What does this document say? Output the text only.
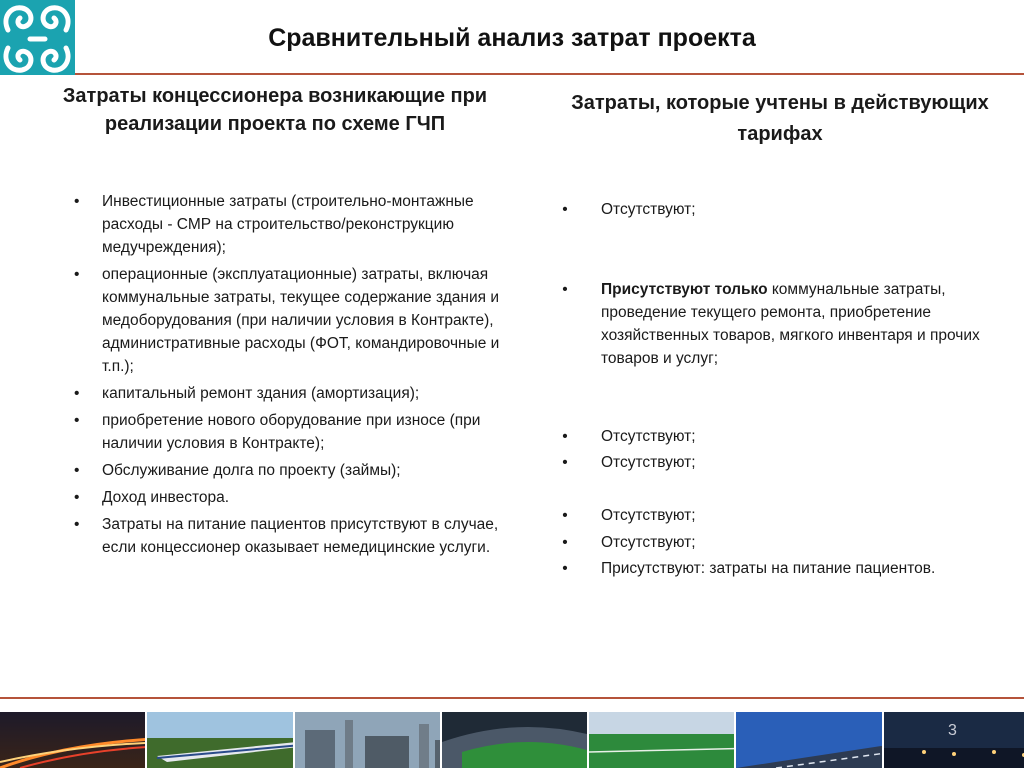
Сравнительный анализ затрат проекта
Затраты концессионера возникающие при реализации проекта по схеме ГЧП
• Инвестиционные затраты (строительно-монтажные расходы - СМР на строительство/реконструкцию медучреждения);
• операционные (эксплуатационные) затраты, включая коммунальные затраты, текущее содержание здания и медоборудования (при наличии условия в Контракте), административные расходы (ФОТ, командировочные и т.п.);
• капитальный ремонт здания (амортизация);
• приобретение нового оборудование при износе (при наличии условия в Контракте);
• Обслуживание долга по проекту (займы);
• Доход инвестора.
• Затраты на питание пациентов присутствуют в случае, если концессионер оказывает немедицинские услуги.
Затраты, которые учтены в действующих тарифах
• Отсутствуют;
• Присутствуют только коммунальные затраты, проведение текущего ремонта, приобретение хозяйственных товаров, мягкого инвентаря и прочих товаров и услуг;
• Отсутствуют;
• Отсутствуют;
• Отсутствуют;
• Отсутствуют;
• Присутствуют: затраты на питание пациентов.
3
